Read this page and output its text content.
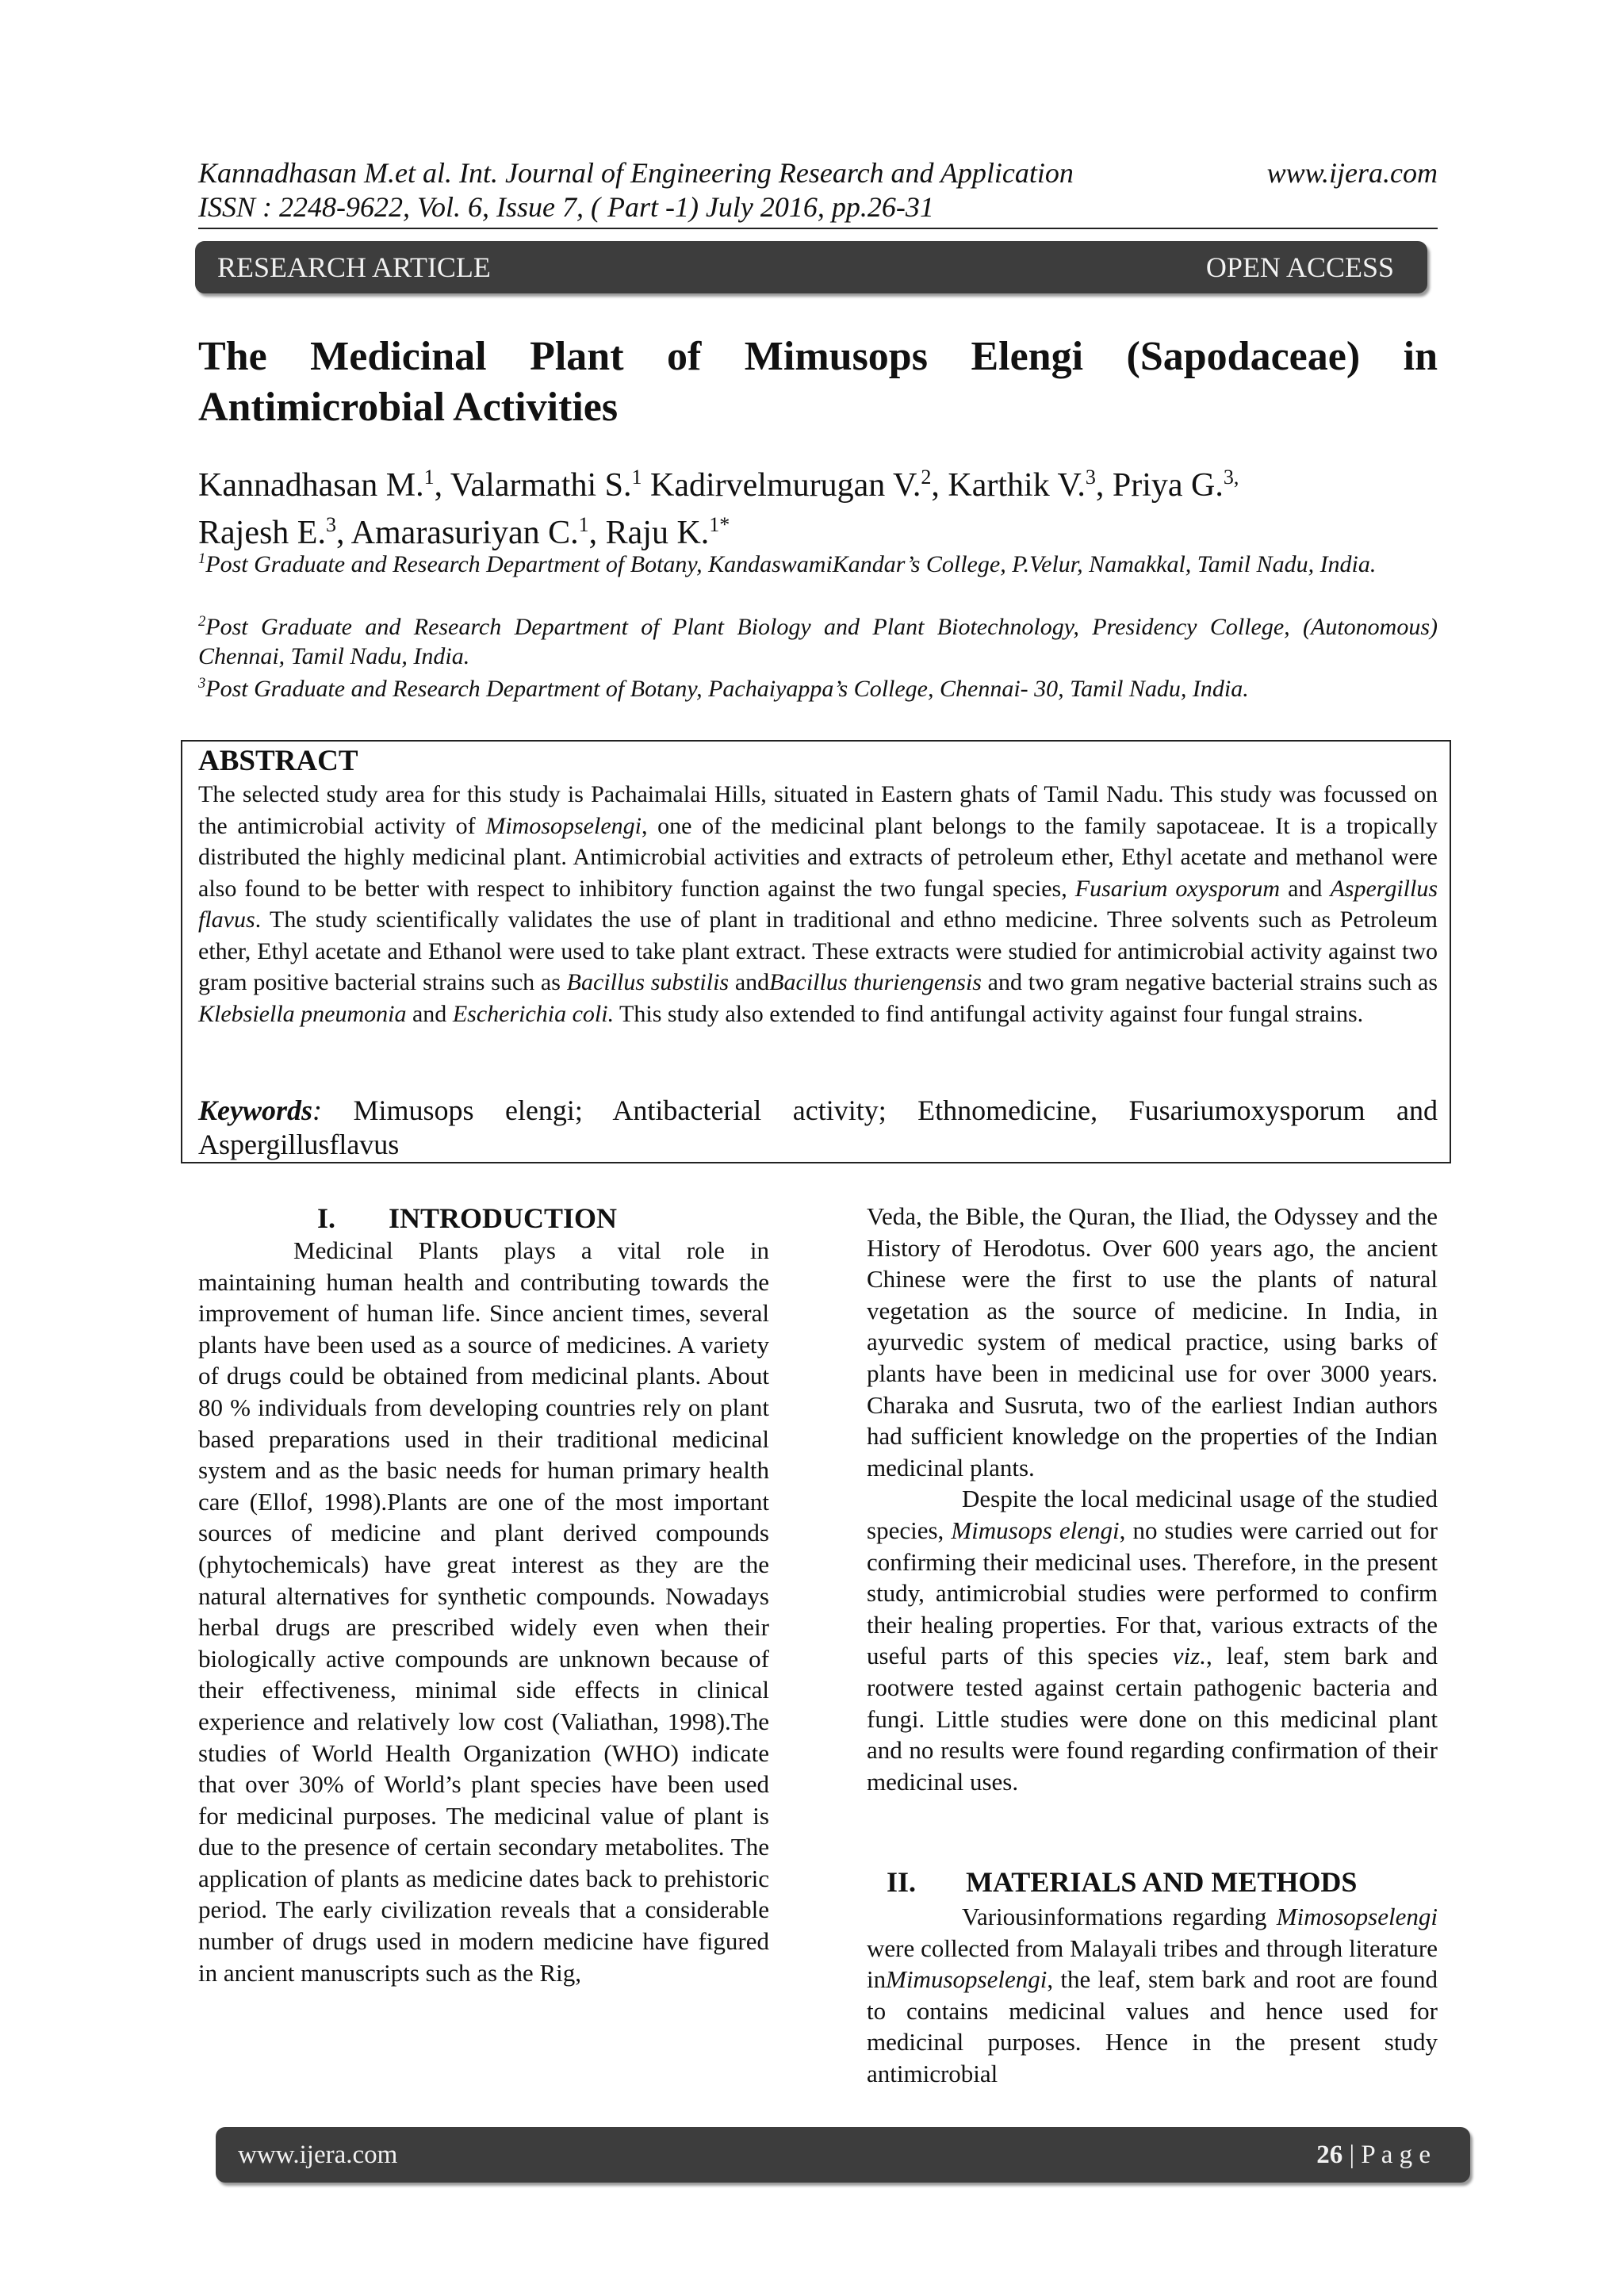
Kannadhasan M.et al. Int. Journal of Engineering Research and Application	www.ijera.com
ISSN : 2248-9622, Vol. 6, Issue 7, ( Part -1) July 2016, pp.26-31
RESEARCH ARTICLE	OPEN ACCESS
The Medicinal Plant of Mimusops Elengi (Sapodaceae) in Antimicrobial Activities
Kannadhasan M.$^1$, Valarmathi S.$^1$ Kadirvelmurugan V.$^2$, Karthik V.$^3$, Priya G.$^{3,}$
Rajesh E.$^3$, Amarasuriyan C.$^1$, Raju K.$^{1*}$
$^1$Post Graduate and Research Department of Botany, KandaswamiKandar’s College, P.Velur, Namakkal, Tamil Nadu, India.
$^2$Post Graduate and Research Department of Plant Biology and Plant Biotechnology, Presidency College, (Autonomous) Chennai, Tamil Nadu, India.
$^3$Post Graduate and Research Department of Botany, Pachaiyappa’s College, Chennai- 30, Tamil Nadu, India.
ABSTRACT
The selected study area for this study is Pachaimalai Hills, situated in Eastern ghats of Tamil Nadu. This study was focussed on the antimicrobial activity of Mimosopselengi, one of the medicinal plant belongs to the family sapotaceae. It is a tropically distributed the highly medicinal plant. Antimicrobial activities and extracts of petroleum ether, Ethyl acetate and methanol were also found to be better with respect to inhibitory function against the two fungal species, Fusarium oxysporum and Aspergillus flavus. The study scientifically validates the use of plant in traditional and ethno medicine. Three solvents such as Petroleum ether, Ethyl acetate and Ethanol were used to take plant extract. These extracts were studied for antimicrobial activity against two gram positive bacterial strains such as Bacillus substilis andBacillus thuriengensis and two gram negative bacterial strains such as Klebsiella pneumonia and Escherichia coli. This study also extended to find antifungal activity against four fungal strains.
Keywords: Mimusops elengi; Antibacterial activity; Ethnomedicine, Fusariumoxysporum and Aspergillusflavus
I. INTRODUCTION

Medicinal Plants plays a vital role in maintaining human health and contributing towards the improvement of human life. Since ancient times, several plants have been used as a source of medicines. A variety of drugs could be obtained from medicinal plants. About 80 % individuals from developing countries rely on plant based preparations used in their traditional medicinal system and as the basic needs for human primary health care (Ellof, 1998).Plants are one of the most important sources of medicine and plant derived compounds (phytochemicals) have great interest as they are the natural alternatives for synthetic compounds. Nowadays herbal drugs are prescribed widely even when their biologically active compounds are unknown because of their effectiveness, minimal side effects in clinical experience and relatively low cost (Valiathan, 1998).The studies of World Health Organization (WHO) indicate that over 30% of World’s plant species have been used for medicinal purposes. The medicinal value of plant is due to the presence of certain secondary metabolites. The application of plants as medicine dates back to prehistoric period. The early civilization reveals that a considerable number of drugs used in modern medicine have figured in ancient manuscripts such as the Rig,

Veda, the Bible, the Quran, the Iliad, the Odyssey and the History of Herodotus. Over 600 years ago, the ancient Chinese were the first to use the plants of natural vegetation as the source of medicine. In India, in ayurvedic system of medical practice, using barks of plants have been in medicinal use for over 3000 years. Charaka and Susruta, two of the earliest Indian authors had sufficient knowledge on the properties of the Indian medicinal plants.

Despite the local medicinal usage of the studied species, Mimusops elengi, no studies were carried out for confirming their medicinal uses. Therefore, in the present study, antimicrobial studies were performed to confirm their healing properties. For that, various extracts of the useful parts of this species viz., leaf, stem bark and rootwere tested against certain pathogenic bacteria and fungi. Little studies were done on this medicinal plant and no results were found regarding confirmation of their medicinal uses.

II. MATERIALS AND METHODS

Variousinformations regarding Mimosopselengi were collected from Malayali tribes and through literature inMimusopselengi, the leaf, stem bark and root are found to contains medicinal values and hence used for medicinal purposes. Hence in the present study antimicrobial

www.ijera.com	26 | P a g e
